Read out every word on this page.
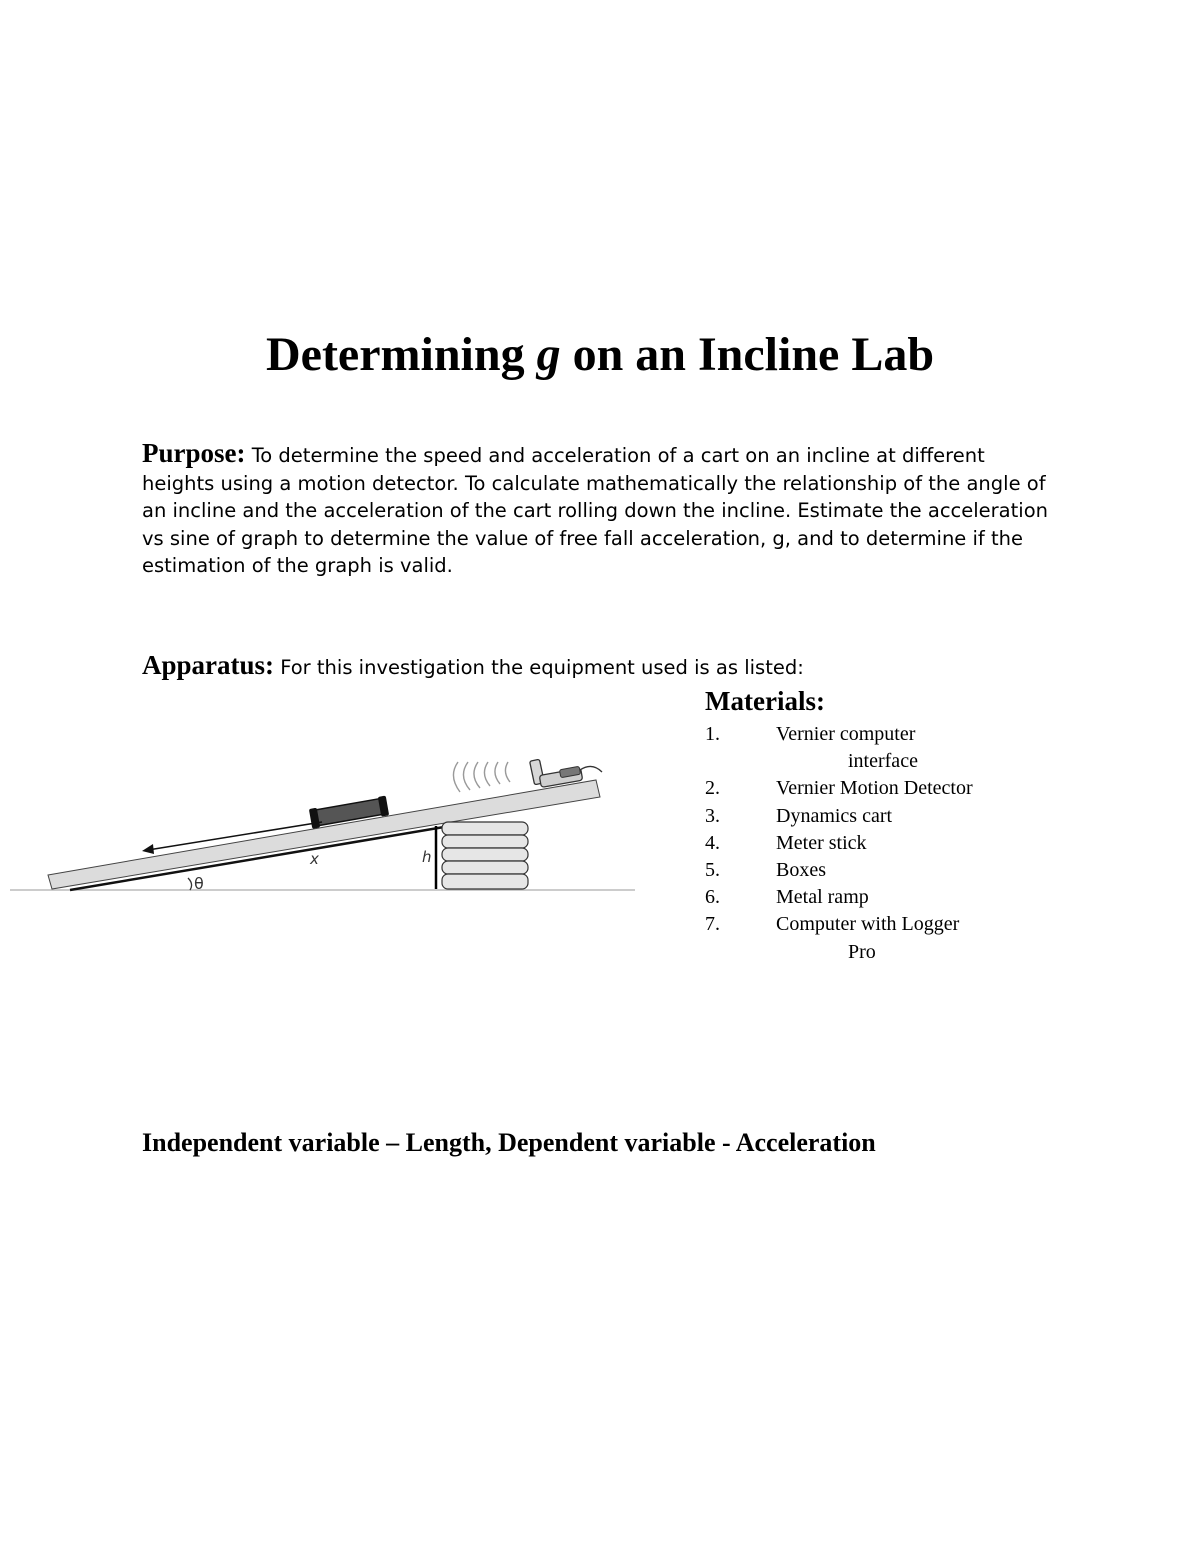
Determining g on an Incline Lab
Purpose: To determine the speed and acceleration of a cart on an incline at different heights using a motion detector. To calculate mathematically the relationship of the angle of an incline and the acceleration of the cart rolling down the incline. Estimate the acceleration vs sine of graph to determine the value of free fall acceleration, g, and to determine if the estimation of the graph is valid.
Apparatus: For this investigation the equipment used is as listed:
h
x
θ
Materials:
1.	Vernier computer
interface
2.	Vernier Motion Detector
3.	Dynamics cart
4.	Meter stick
5.	Boxes
6.	Metal ramp
7.	Computer with Logger
Pro
Independent variable – Length, Dependent variable - Acceleration
